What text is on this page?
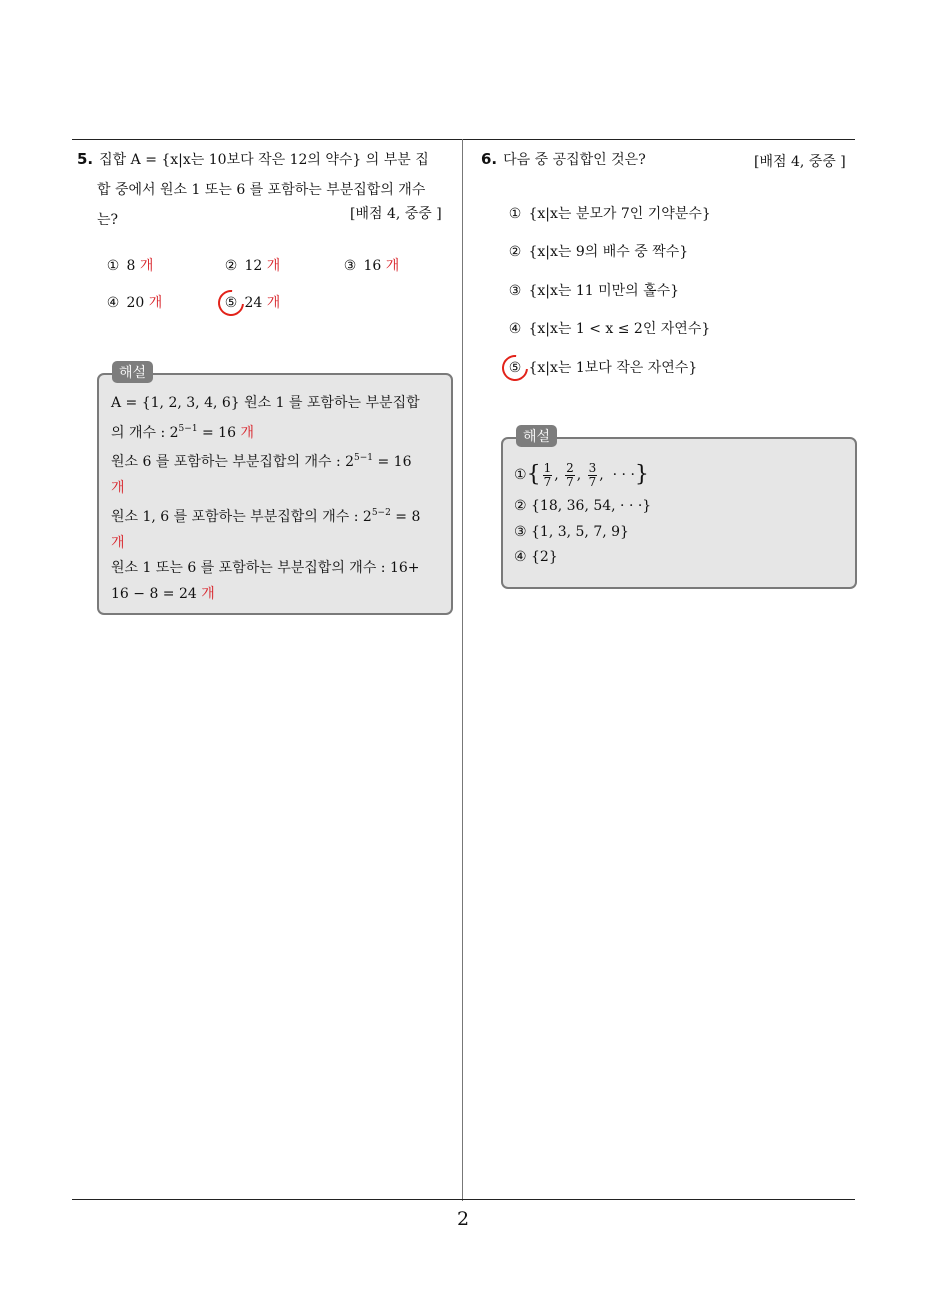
5. 집합 A = {x|x는 10보다 작은 12의 약수} 의 부분 집
합 중에서 원소 1 또는 6 를 포함하는 부분집합의 개수
는?	[배점 4, 중중 ]
① 8 개	② 12 개	③ 16 개
④ 20 개	⑤ 24 개
해설
A = {1, 2, 3, 4, 6} 원소 1 를 포함하는 부분집합
의 개수 : $2^{5-1} = 16$ 개
원소 6 를 포함하는 부분집합의 개수 : $2^{5-1} = 16$
개
원소 1, 6 를 포함하는 부분집합의 개수 : $2^{5-2} = 8$
개
원소 1 또는 6 를 포함하는 부분집합의 개수 : 16+
16 − 8 = 24 개
6. 다음 중 공집합인 것은?	[배점 4, 중중 ]
① {x|x는 분모가 7인 기약분수}
② {x|x는 9의 배수 중 짝수}
③ {x|x는 11 미만의 홀수}
④ {x|x는 1 < x ≤ 2인 자연수}
⑤ {x|x는 1보다 작은 자연수}
해설
①{ $\frac{1}{7}$ , $\frac{2}{7}$ , $\frac{3}{7}$ ,  · · ·}
② {18, 36, 54, · · ·}
③ {1, 3, 5, 7, 9}
④ {2}
2
